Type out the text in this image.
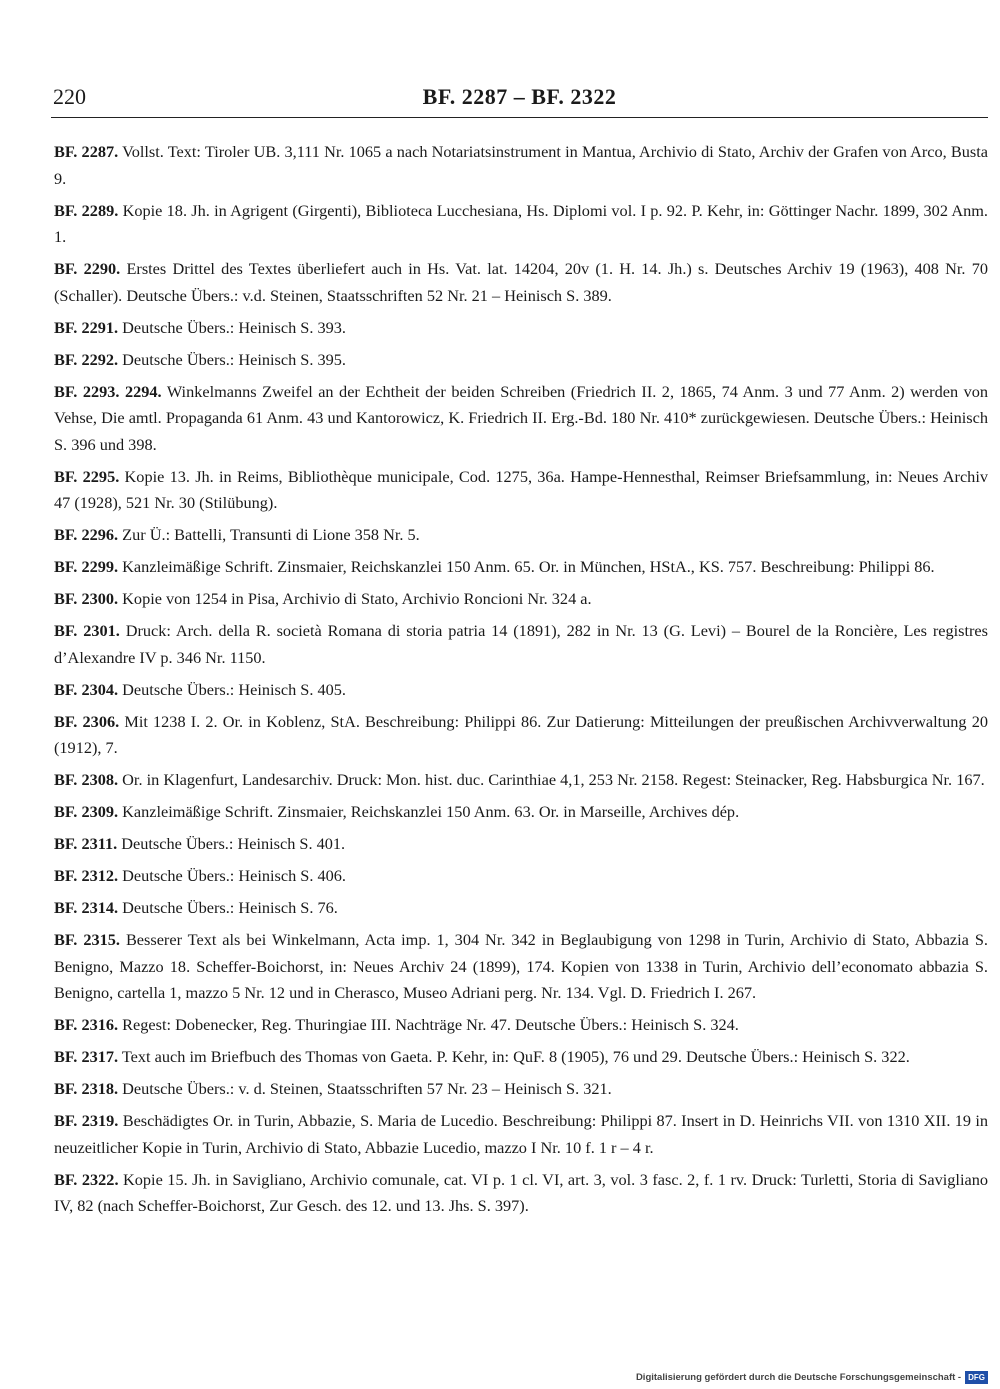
220	BF. 2287 – BF. 2322

BF. 2287. Vollst. Text: Tiroler UB. 3,111 Nr. 1065 a nach Notariatsinstrument in Mantua, Archivio di Stato, Archiv der Grafen von Arco, Busta 9.

BF. 2289. Kopie 18. Jh. in Agrigent (Girgenti), Biblioteca Lucchesiana, Hs. Diplomi vol. I p. 92. P. Kehr, in: Göttinger Nachr. 1899, 302 Anm. 1.

BF. 2290. Erstes Drittel des Textes überliefert auch in Hs. Vat. lat. 14204, 20v (1. H. 14. Jh.) s. Deutsches Archiv 19 (1963), 408 Nr. 70 (Schaller). Deutsche Übers.: v.d. Steinen, Staatsschriften 52 Nr. 21 – Heinisch S. 389.

BF. 2291. Deutsche Übers.: Heinisch S. 393.

BF. 2292. Deutsche Übers.: Heinisch S. 395.

BF. 2293. 2294. Winkelmanns Zweifel an der Echtheit der beiden Schreiben (Friedrich II. 2, 1865, 74 Anm. 3 und 77 Anm. 2) werden von Vehse, Die amtl. Propaganda 61 Anm. 43 und Kantorowicz, K. Friedrich II. Erg.-Bd. 180 Nr. 410* zurückgewiesen. Deutsche Übers.: Heinisch S. 396 und 398.

BF. 2295. Kopie 13. Jh. in Reims, Bibliothèque municipale, Cod. 1275, 36a. Hampe-Hennesthal, Reimser Briefsammlung, in: Neues Archiv 47 (1928), 521 Nr. 30 (Stilübung).

BF. 2296. Zur Ü.: Battelli, Transunti di Lione 358 Nr. 5.

BF. 2299. Kanzleimäßige Schrift. Zinsmaier, Reichskanzlei 150 Anm. 65. Or. in München, HStA., KS. 757. Beschreibung: Philippi 86.

BF. 2300. Kopie von 1254 in Pisa, Archivio di Stato, Archivio Roncioni Nr. 324 a.

BF. 2301. Druck: Arch. della R. società Romana di storia patria 14 (1891), 282 in Nr. 13 (G. Levi) – Bourel de la Roncière, Les registres d’Alexandre IV p. 346 Nr. 1150.

BF. 2304. Deutsche Übers.: Heinisch S. 405.

BF. 2306. Mit 1238 I. 2. Or. in Koblenz, StA. Beschreibung: Philippi 86. Zur Datierung: Mitteilungen der preußischen Archivverwaltung 20 (1912), 7.

BF. 2308. Or. in Klagenfurt, Landesarchiv. Druck: Mon. hist. duc. Carinthiae 4,1, 253 Nr. 2158. Regest: Steinacker, Reg. Habsburgica Nr. 167.

BF. 2309. Kanzleimäßige Schrift. Zinsmaier, Reichskanzlei 150 Anm. 63. Or. in Marseille, Archives dép.

BF. 2311. Deutsche Übers.: Heinisch S. 401.

BF. 2312. Deutsche Übers.: Heinisch S. 406.

BF. 2314. Deutsche Übers.: Heinisch S. 76.

BF. 2315. Besserer Text als bei Winkelmann, Acta imp. 1, 304 Nr. 342 in Beglaubigung von 1298 in Turin, Archivio di Stato, Abbazia S. Benigno, Mazzo 18. Scheffer-Boichorst, in: Neues Archiv 24 (1899), 174. Kopien von 1338 in Turin, Archivio dell’economato abbazia S. Benigno, cartella 1, mazzo 5 Nr. 12 und in Cherasco, Museo Adriani perg. Nr. 134. Vgl. D. Friedrich I. 267.

BF. 2316. Regest: Dobenecker, Reg. Thuringiae III. Nachträge Nr. 47. Deutsche Übers.: Heinisch S. 324.

BF. 2317. Text auch im Briefbuch des Thomas von Gaeta. P. Kehr, in: QuF. 8 (1905), 76 und 29. Deutsche Übers.: Heinisch S. 322.

BF. 2318. Deutsche Übers.: v. d. Steinen, Staatsschriften 57 Nr. 23 – Heinisch S. 321.

BF. 2319. Beschädigtes Or. in Turin, Abbazie, S. Maria de Lucedio. Beschreibung: Philippi 87. Insert in D. Heinrichs VII. von 1310 XII. 19 in neuzeitlicher Kopie in Turin, Archivio di Stato, Abbazie Lucedio, mazzo I Nr. 10 f. 1 r – 4 r.

BF. 2322. Kopie 15. Jh. in Savigliano, Archivio comunale, cat. VI p. 1 cl. VI, art. 3, vol. 3 fasc. 2, f. 1 rv. Druck: Turletti, Storia di Savigliano IV, 82 (nach Scheffer-Boichorst, Zur Gesch. des 12. und 13. Jhs. S. 397).

Digitalisierung gefördert durch die Deutsche Forschungsgemeinschaft - DFG
